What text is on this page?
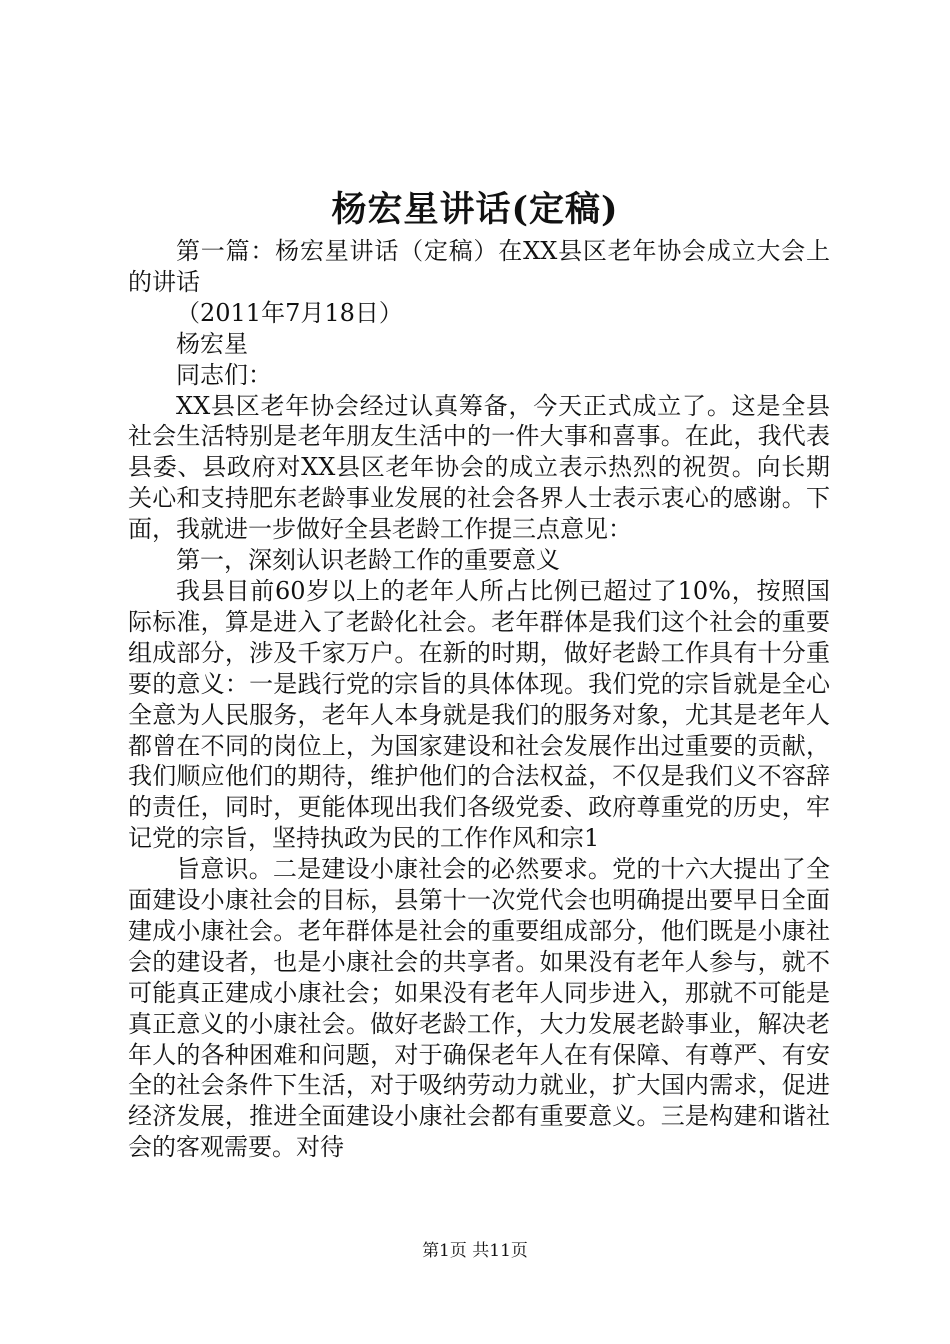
杨宏星讲话(定稿)

第一篇：杨宏星讲话（定稿）在XX县区老年协会成立大会上的讲话

（2011年7月18日）

杨宏星

同志们：

XX县区老年协会经过认真筹备，今天正式成立了。这是全县社会生活特别是老年朋友生活中的一件大事和喜事。在此，我代表县委、县政府对XX县区老年协会的成立表示热烈的祝贺。向长期关心和支持肥东老龄事业发展的社会各界人士表示衷心的感谢。下面，我就进一步做好全县老龄工作提三点意见：

第一，深刻认识老龄工作的重要意义

我县目前60岁以上的老年人所占比例已超过了10%，按照国际标准，算是进入了老龄化社会。老年群体是我们这个社会的重要组成部分，涉及千家万户。在新的时期，做好老龄工作具有十分重要的意义：一是践行党的宗旨的具体体现。我们党的宗旨就是全心全意为人民服务，老年人本身就是我们的服务对象，尤其是老年人都曾在不同的岗位上，为国家建设和社会发展作出过重要的贡献，我们顺应他们的期待，维护他们的合法权益，不仅是我们义不容辞的责任，同时，更能体现出我们各级党委、政府尊重党的历史，牢记党的宗旨，坚持执政为民的工作作风和宗1

旨意识。二是建设小康社会的必然要求。党的十六大提出了全面建设小康社会的目标，县第十一次党代会也明确提出要早日全面建成小康社会。老年群体是社会的重要组成部分，他们既是小康社会的建设者，也是小康社会的共享者。如果没有老年人参与，就不可能真正建成小康社会；如果没有老年人同步进入，那就不可能是真正意义的小康社会。做好老龄工作，大力发展老龄事业，解决老年人的各种困难和问题，对于确保老年人在有保障、有尊严、有安全的社会条件下生活，对于吸纳劳动力就业，扩大国内需求，促进经济发展，推进全面建设小康社会都有重要意义。三是构建和谐社会的客观需要。对待

第1页 共11页
